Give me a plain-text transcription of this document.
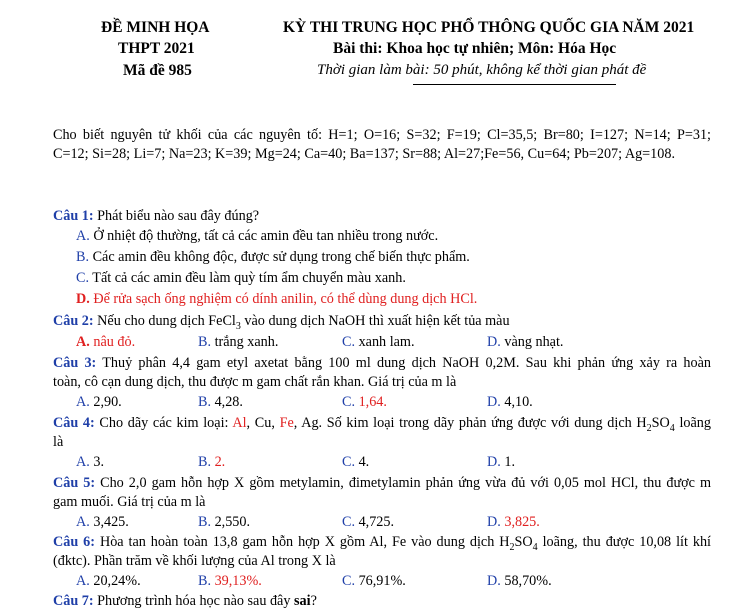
ĐỀ MINH HỌA
THPT 2021
Mã đề 985
KỲ THI TRUNG HỌC PHỔ THÔNG QUỐC GIA NĂM 2021
Bài thi: Khoa học tự nhiên; Môn: Hóa Học
Thời gian làm bài: 50 phút, không kể thời gian phát đề
Cho biết nguyên tử khối của các nguyên tố: H=1; O=16; S=32; F=19; Cl=35,5; Br=80; I=127; N=14; P=31;
C=12; Si=28; Li=7; Na=23; K=39; Mg=24; Ca=40; Ba=137; Sr=88; Al=27;Fe=56, Cu=64; Pb=207; Ag=108.
Câu 1: Phát biểu nào sau đây đúng?
A. Ở nhiệt độ thường, tất cả các amin đều tan nhiều trong nước.
B. Các amin đều không độc, được sử dụng trong chế biến thực phẩm.
C. Tất cả các amin đều làm quỳ tím ẩm chuyển màu xanh.
D. Để rửa sạch ống nghiệm có dính anilin, có thể dùng dung dịch HCl.
Câu 2: Nếu cho dung dịch FeCl$_3$ vào dung dịch NaOH thì xuất hiện kết tủa màu
A. nâu đỏ.	B. trắng xanh.	C. xanh lam.	D. vàng nhạt.
Câu 3: Thuỷ phân 4,4 gam etyl axetat bằng 100 ml dung dịch NaOH 0,2M. Sau khi phản ứng xảy ra hoàn
toàn, cô cạn dung dịch, thu được m gam chất rắn khan. Giá trị của m là
A. 2,90.	B. 4,28.	C. 1,64.	D. 4,10.
Câu 4: Cho dãy các kim loại: Al, Cu, Fe, Ag. Số kim loại trong dãy phản ứng được với dung dịch $H_2SO_4$ loãng
là
A. 3.	B. 2.	C. 4.	D. 1.
Câu 5: Cho 2,0 gam hỗn hợp X gồm metylamin, đimetylamin phản ứng vừa đủ với 0,05 mol HCl, thu được m
gam muối. Giá trị của m là
A. 3,425.	B. 2,550.	C. 4,725.	D. 3,825.
Câu 6: Hòa tan hoàn toàn 13,8 gam hỗn hợp X gồm Al, Fe vào dung dịch $H_2SO_4$ loãng, thu được 10,08 lít khí
(đktc). Phần trăm về khối lượng của Al trong X là
A. 20,24%.	B. 39,13%.	C. 76,91%.	D. 58,70%.
Câu 7: Phương trình hóa học nào sau đây sai?
